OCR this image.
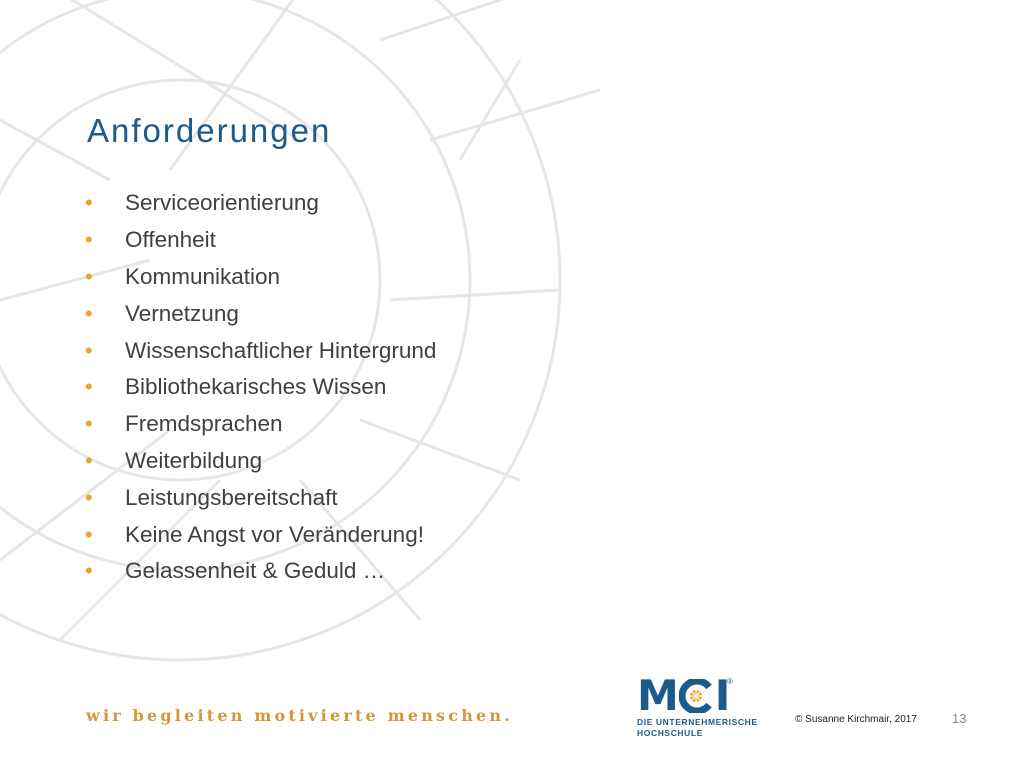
Anforderungen
•	Serviceorientierung
•	Offenheit
•	Kommunikation
•	Vernetzung
•	Wissenschaftlicher Hintergrund
•	Bibliothekarisches Wissen
•	Fremdsprachen
•	Weiterbildung
•	Leistungsbereitschaft
•	Keine Angst vor Veränderung!
•	Gelassenheit & Geduld …
wir begleiten motivierte menschen.	M I
®
DIE UNTERNEHMERISCHE
HOCHSCHULE
© Susanne Kirchmair, 2017	13
